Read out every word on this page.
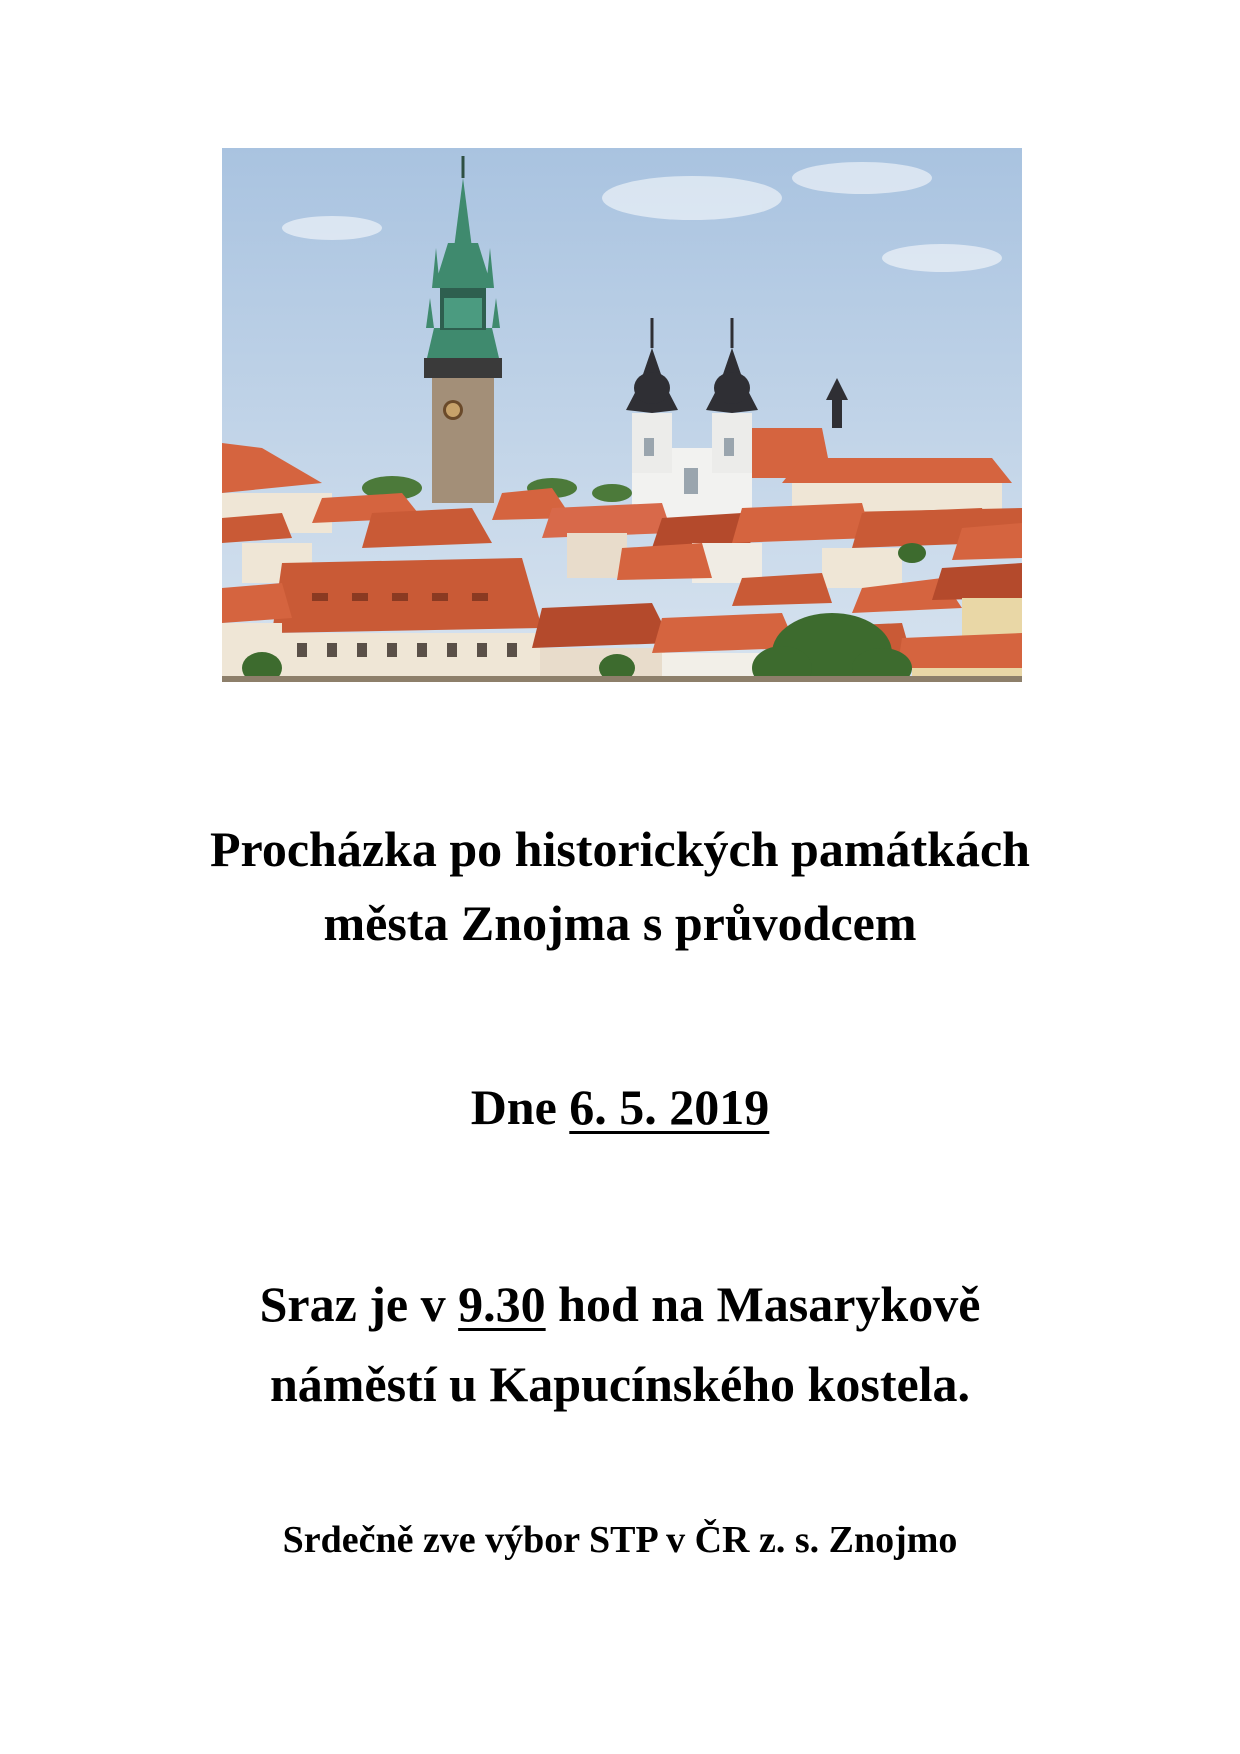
Procházka po historických památkách
města Znojma s průvodcem
Dne 6. 5. 2019
Sraz je v 9.30 hod na Masarykově
náměstí u Kapucínského kostela.
Srdečně zve výbor STP v ČR z. s. Znojmo
